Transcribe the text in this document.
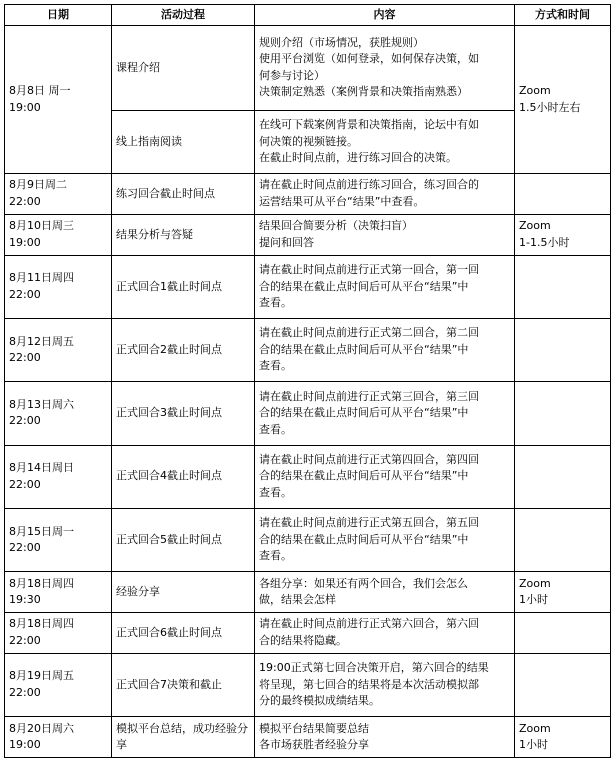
日期	活动过程	内容	方式和时间

8月8日 周一
19:00	课程介绍	规则介绍（市场情况，获胜规则）
使用平台浏览（如何登录，如何保存决策，如
何参与讨论）
决策制定熟悉（案例背景和决策指南熟悉）	Zoom
1.5小时左右

	线上指南阅读	在线可下载案例背景和决策指南，论坛中有如
何决策的视频链接。
在截止时间点前，进行练习回合的决策。	

8月9日周二
22:00	练习回合截止时间点	请在截止时间点前进行练习回合，练习回合的
运营结果可从平台“结果”中查看。	

8月10日周三
19:00	结果分析与答疑	结果回合简要分析（决策扫盲）
提问和回答	Zoom
1-1.5小时

8月11日周四
22:00	正式回合1截止时间点	请在截止时间点前进行正式第一回合，第一回
合的结果在截止点时间后可从平台“结果”中
查看。	

8月12日周五
22:00	正式回合2截止时间点	请在截止时间点前进行正式第二回合，第二回
合的结果在截止点时间后可从平台“结果”中
查看。	

8月13日周六
22:00	正式回合3截止时间点	请在截止时间点前进行正式第三回合，第三回
合的结果在截止点时间后可从平台“结果”中
查看。	

8月14日周日
22:00	正式回合4截止时间点	请在截止时间点前进行正式第四回合，第四回
合的结果在截止点时间后可从平台“结果”中
查看。	

8月15日周一
22:00	正式回合5截止时间点	请在截止时间点前进行正式第五回合，第五回
合的结果在截止点时间后可从平台“结果”中
查看。	

8月18日周四
19:30	经验分享	各组分享：如果还有两个回合，我们会怎么
做，结果会怎样	Zoom
1小时

8月18日周四
22:00	正式回合6截止时间点	请在截止时间点前进行正式第六回合，第六回
合的结果将隐藏。	

8月19日周五
22:00	正式回合7决策和截止	19:00正式第七回合决策开启，第六回合的结果
将呈现，第七回合的结果将是本次活动模拟部
分的最终模拟成绩结果。	

8月20日周六
19:00	模拟平台总结，成功经验分享	模拟平台结果简要总结
各市场获胜者经验分享	Zoom
1小时
